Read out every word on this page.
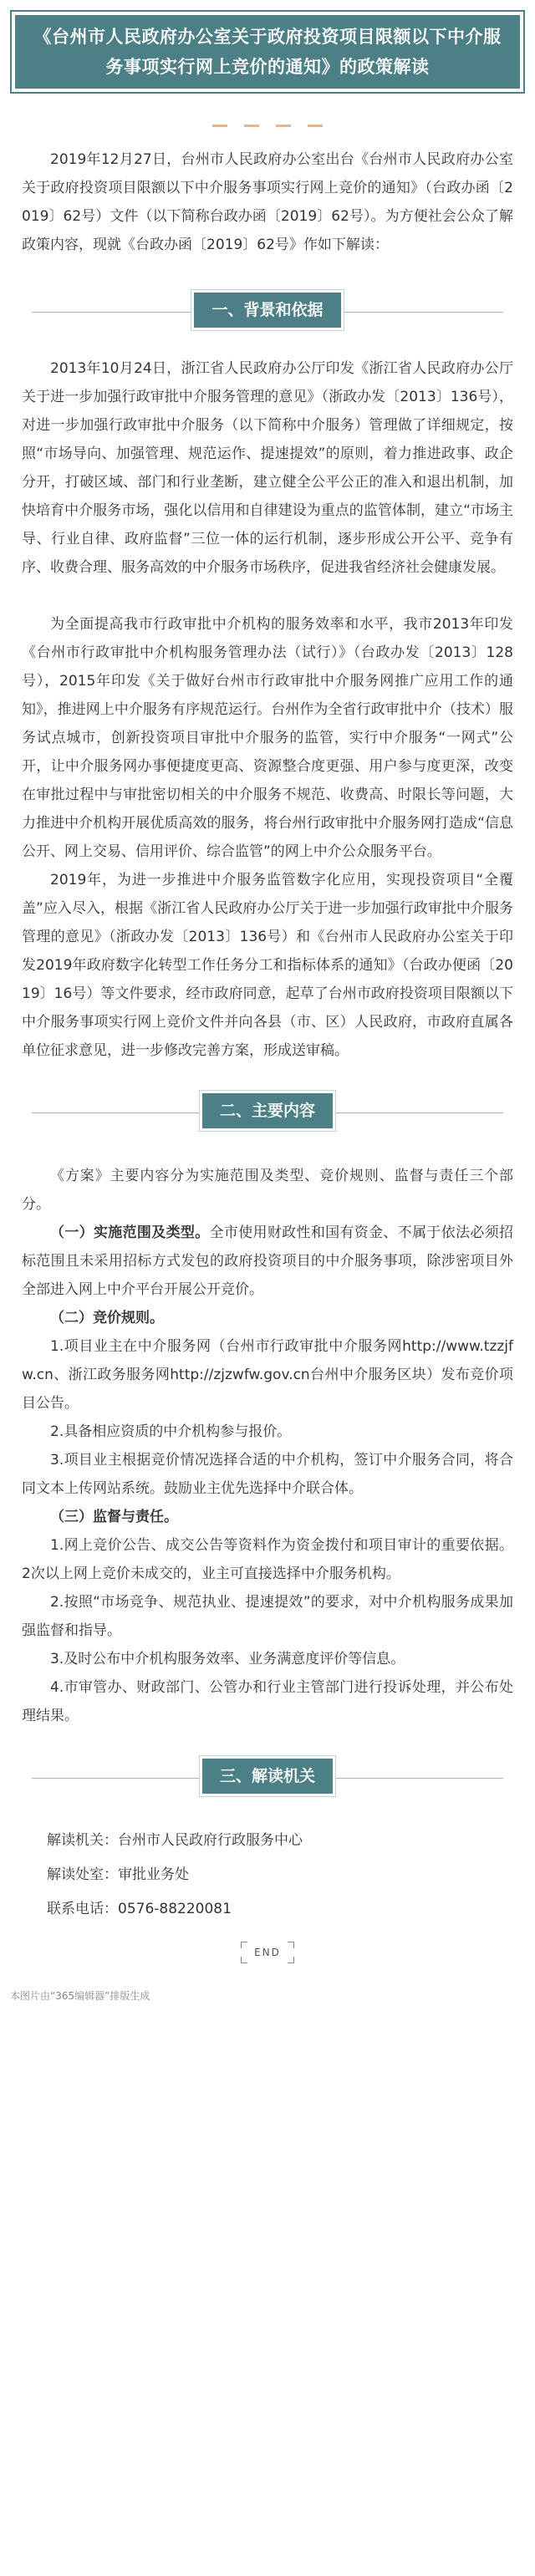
《台州市人民政府办公室关于政府投资项目限额以下中介服务事项实行网上竞价的通知》的政策解读

2019年12月27日，台州市人民政府办公室出台《台州市人民政府办公室关于政府投资项目限额以下中介服务事项实行网上竞价的通知》（台政办函〔2019〕62号）文件（以下简称台政办函〔2019〕62号）。为方便社会公众了解政策内容，现就《台政办函〔2019〕62号》作如下解读：

一、背景和依据

2013年10月24日，浙江省人民政府办公厅印发《浙江省人民政府办公厅关于进一步加强行政审批中介服务管理的意见》（浙政办发〔2013〕136号），对进一步加强行政审批中介服务（以下简称中介服务）管理做了详细规定，按照“市场导向、加强管理、规范运作、提速提效”的原则，着力推进政事、政企分开，打破区域、部门和行业垄断，建立健全公平公正的准入和退出机制，加快培育中介服务市场，强化以信用和自律建设为重点的监管体制，建立“市场主导、行业自律、政府监督”三位一体的运行机制，逐步形成公开公平、竞争有序、收费合理、服务高效的中介服务市场秩序，促进我省经济社会健康发展。

为全面提高我市行政审批中介机构的服务效率和水平，我市2013年印发《台州市行政审批中介机构服务管理办法（试行）》（台政办发〔2013〕128号），2015年印发《关于做好台州市行政审批中介服务网推广应用工作的通知》，推进网上中介服务有序规范运行。台州作为全省行政审批中介（技术）服务试点城市，创新投资项目审批中介服务的监管，实行中介服务“一网式”公开，让中介服务网办事便捷度更高、资源整合度更强、用户参与度更深，改变在审批过程中与审批密切相关的中介服务不规范、收费高、时限长等问题，大力推进中介机构开展优质高效的服务，将台州行政审批中介服务网打造成“信息公开、网上交易、信用评价、综合监管”的网上中介公众服务平台。

2019年，为进一步推进中介服务监管数字化应用，实现投资项目“全覆盖”应入尽入，根据《浙江省人民政府办公厅关于进一步加强行政审批中介服务管理的意见》（浙政办发〔2013〕136号）和《台州市人民政府办公室关于印发2019年政府数字化转型工作任务分工和指标体系的通知》（台政办便函〔2019〕16号）等文件要求，经市政府同意，起草了台州市政府投资项目限额以下中介服务事项实行网上竞价文件并向各县（市、区）人民政府，市政府直属各单位征求意见，进一步修改完善方案，形成送审稿。

二、主要内容

《方案》主要内容分为实施范围及类型、竞价规则、监督与责任三个部分。

（一）实施范围及类型。全市使用财政性和国有资金、不属于依法必须招标范围且未采用招标方式发包的政府投资项目的中介服务事项，除涉密项目外全部进入网上中介平台开展公开竞价。

（二）竞价规则。

1.项目业主在中介服务网（台州市行政审批中介服务网http://www.tzzjfw.cn、浙江政务服务网http://zjzwfw.gov.cn台州中介服务区块）发布竞价项目公告。

2.具备相应资质的中介机构参与报价。

3.项目业主根据竞价情况选择合适的中介机构，签订中介服务合同，将合同文本上传网站系统。鼓励业主优先选择中介联合体。

（三）监督与责任。

1.网上竞价公告、成交公告等资料作为资金拨付和项目审计的重要依据。2次以上网上竞价未成交的，业主可直接选择中介服务机构。

2.按照“市场竞争、规范执业、提速提效”的要求，对中介机构服务成果加强监督和指导。

3.及时公布中介机构服务效率、业务满意度评价等信息。

4.市审管办、财政部门、公管办和行业主管部门进行投诉处理，并公布处理结果。

三、解读机关

解读机关：台州市人民政府行政服务中心

解读处室：审批业务处

联系电话：0576-88220081

END
本图片由“365编辑器”排版生成
